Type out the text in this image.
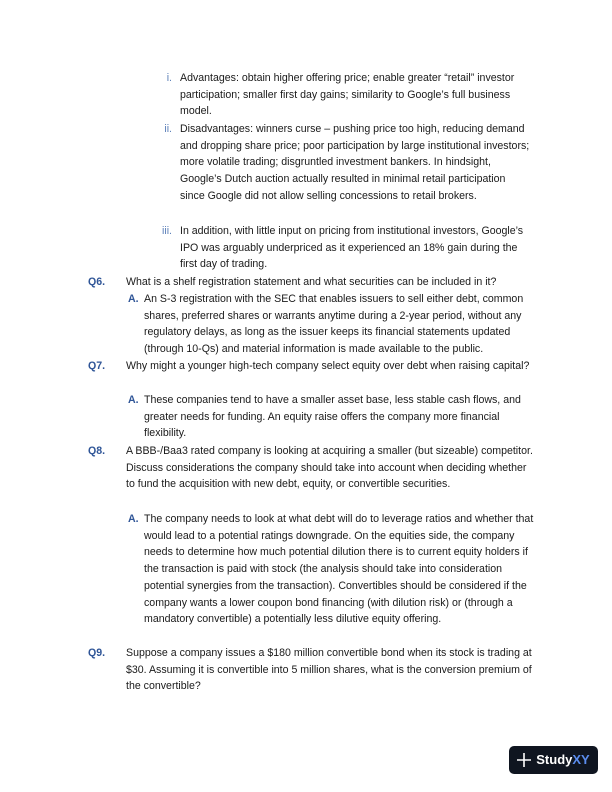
i. Advantages: obtain higher offering price; enable greater “retail” investor participation; smaller first day gains; similarity to Google’s full business model.
ii. Disadvantages: winners curse – pushing price too high, reducing demand and dropping share price; poor participation by large institutional investors; more volatile trading; disgruntled investment bankers. In hindsight, Google’s Dutch auction actually resulted in minimal retail participation since Google did not allow selling concessions to retail brokers.
iii. In addition, with little input on pricing from institutional investors, Google’s IPO was arguably underpriced as it experienced an 18% gain during the first day of trading.
Q6. What is a shelf registration statement and what securities can be included in it?
A. An S-3 registration with the SEC that enables issuers to sell either debt, common shares, preferred shares or warrants anytime during a 2-year period, without any regulatory delays, as long as the issuer keeps its financial statements updated (through 10-Qs) and material information is made available to the public.
Q7. Why might a younger high-tech company select equity over debt when raising capital?
A. These companies tend to have a smaller asset base, less stable cash flows, and greater needs for funding. An equity raise offers the company more financial flexibility.
Q8. A BBB-/Baa3 rated company is looking at acquiring a smaller (but sizeable) competitor. Discuss considerations the company should take into account when deciding whether to fund the acquisition with new debt, equity, or convertible securities.
A. The company needs to look at what debt will do to leverage ratios and whether that would lead to a potential ratings downgrade. On the equities side, the company needs to determine how much potential dilution there is to current equity holders if the transaction is paid with stock (the analysis should take into consideration potential synergies from the transaction). Convertibles should be considered if the company wants a lower coupon bond financing (with dilution risk) or (through a mandatory convertible) a potentially less dilutive equity offering.
Q9. Suppose a company issues a $180 million convertible bond when its stock is trading at $30. Assuming it is convertible into 5 million shares, what is the conversion premium of the convertible?
Study XY
